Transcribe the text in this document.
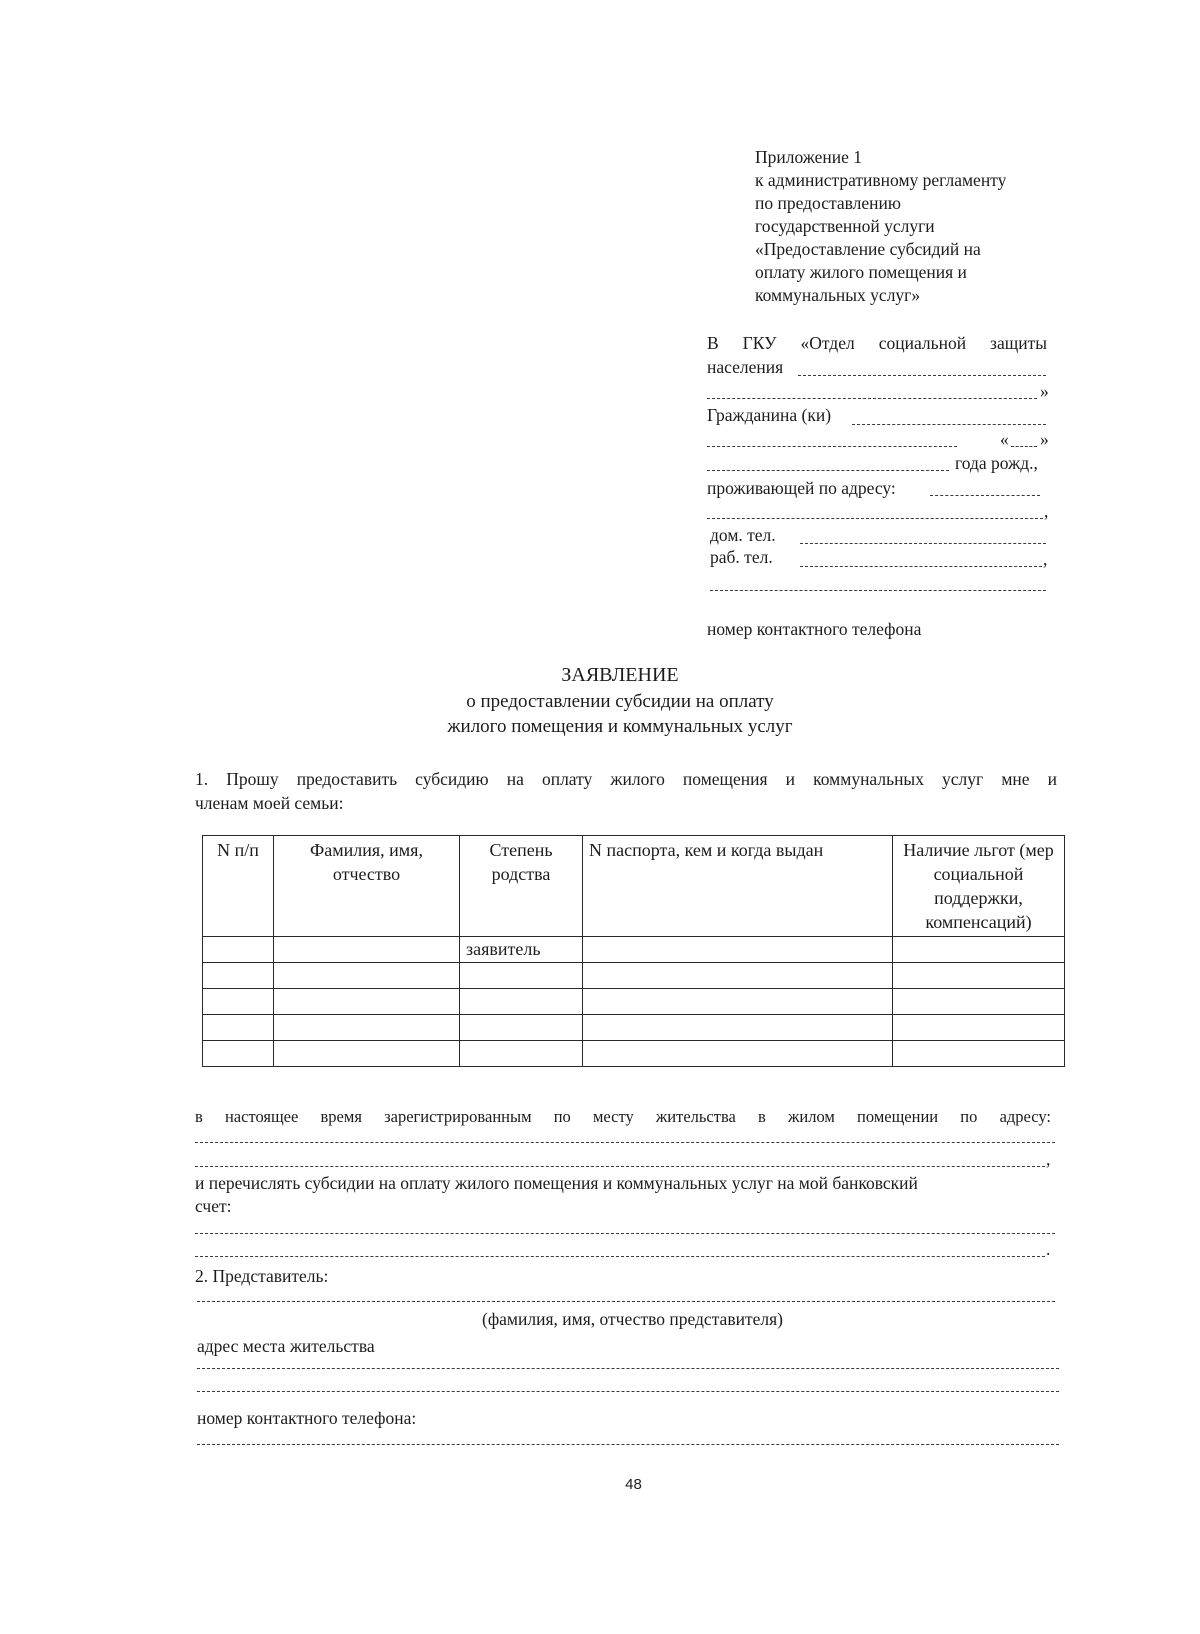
Приложение 1
к административному регламенту
по предоставлению
государственной услуги
«Предоставление субсидий на
оплату жилого помещения и
коммунальных услуг»
В ГКУ «Отдел социальной защиты
населения
»
Гражданина (ки)
« »
года рожд.,
проживающей по адресу:
,
дом. тел.
раб. тел.	,
номер контактного телефона
ЗАЯВЛЕНИЕ
о предоставлении субсидии на оплату
жилого помещения и коммунальных услуг
1. Прошу предоставить субсидию на оплату жилого помещения и коммунальных услуг мне и
членам моей семьи:
N п/п	Фамилия, имя, отчество	Степень родства	N паспорта, кем и когда выдан	Наличие льгот (мер социальной поддержки, компенсаций)
		заявитель		

в настоящее время зарегистрированным по месту жительства в жилом помещении по адресу:
,
и перечислять субсидии на оплату жилого помещения и коммунальных услуг на мой банковский
счет:
.
2. Представитель:
(фамилия, имя, отчество представителя)
адрес места жительства
номер контактного телефона:
48
